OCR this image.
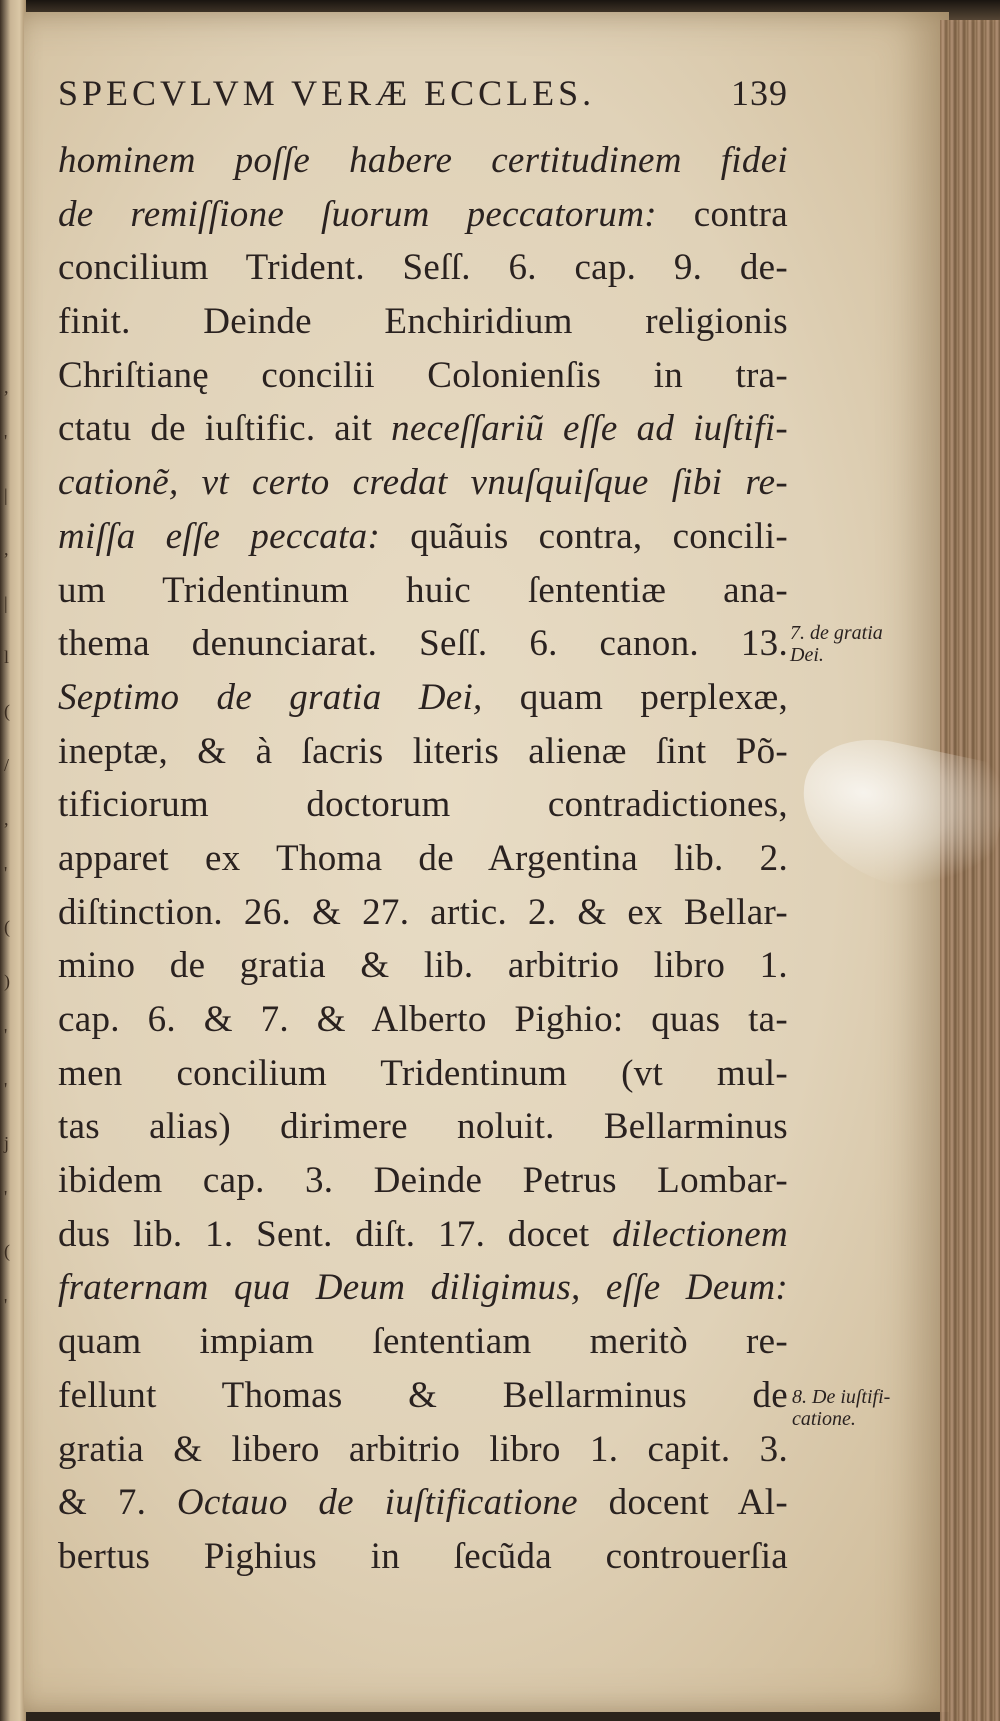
,
'
|
,
|
l
(
/
,
'
(
)
'
'
j
'
(
'
SPECVLVM VERÆ ECCLES.	139
hominem poſſe habere certitudinem fidei
de remiſſione ſuorum peccatorum: contra
concilium Trident. Seſſ. 6. cap. 9. de-
finit. Deinde Enchiridium religionis
Chriſtianę concilii Colonienſis in tra-
ctatu de iuſtific. ait neceſſariũ eſſe ad iuſtifi-
cationẽ, vt certo credat vnuſquiſque ſibi re-
miſſa eſſe peccata: quãuis contra, concili-
um Tridentinum huic ſententiæ ana-
thema denunciarat. Seſſ. 6. canon. 13.
Septimo de gratia Dei, quam perplexæ,
ineptæ, & à ſacris literis alienæ ſint Põ-
tificiorum doctorum contradictiones,
apparet ex Thoma de Argentina lib. 2.
diſtinction. 26. & 27. artic. 2. & ex Bellar-
mino de gratia & lib. arbitrio libro 1.
cap. 6. & 7. & Alberto Pighio: quas ta-
men concilium Tridentinum (vt mul-
tas alias) dirimere noluit. Bellarminus
ibidem cap. 3. Deinde Petrus Lombar-
dus lib. 1. Sent. diſt. 17. docet dilectionem
fraternam qua Deum diligimus, eſſe Deum:
quam impiam ſententiam meritò re-
fellunt Thomas & Bellarminus de
gratia & libero arbitrio libro 1. capit. 3.
& 7. Octauo de iuſtificatione docent Al-
bertus Pighius in ſecũda controuerſia
7. de gratia
Dei.
8. De iuſtifi-
catione.
